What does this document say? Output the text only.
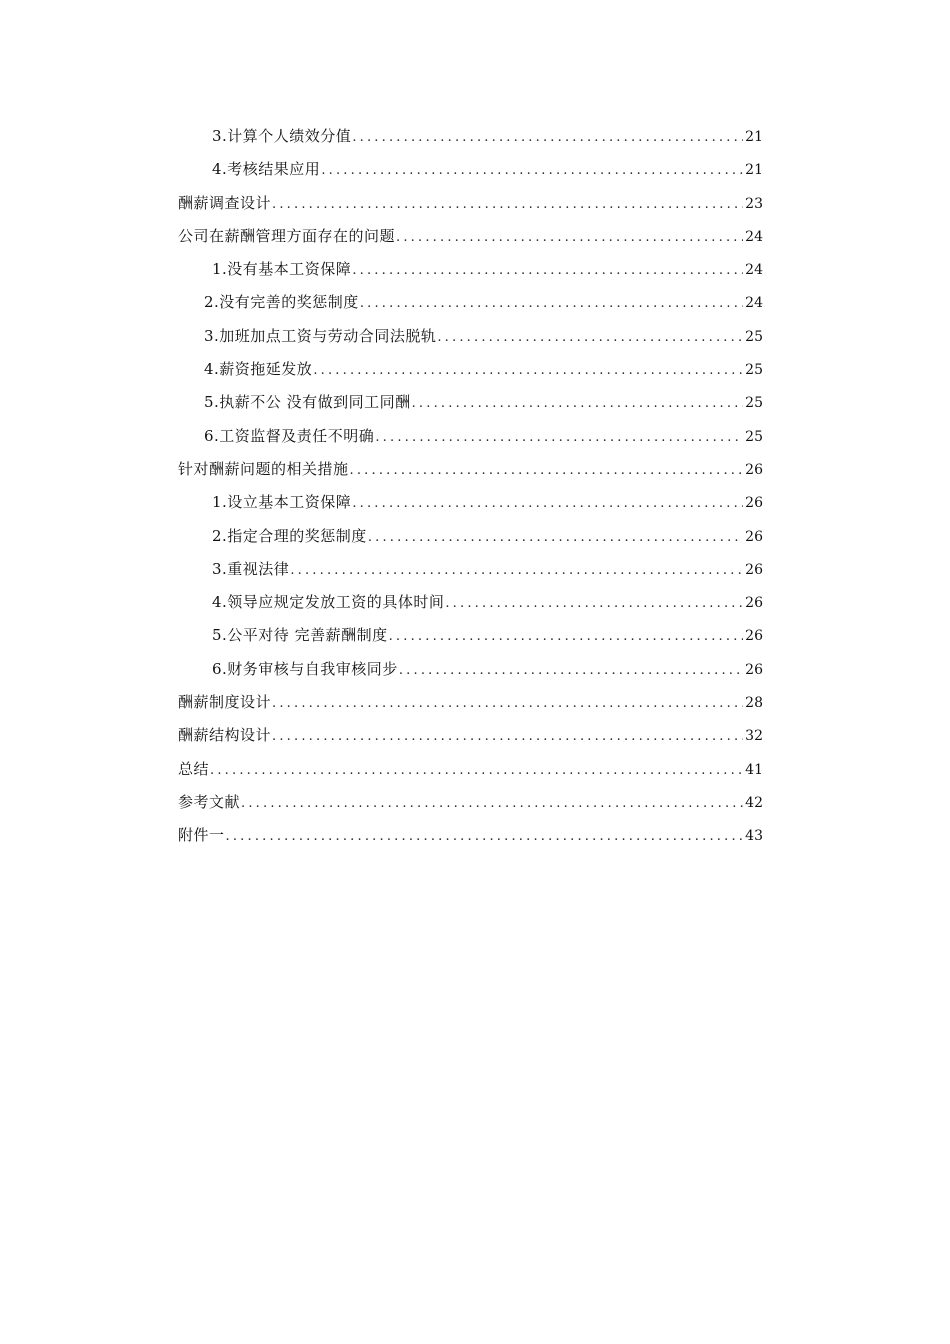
3.计算个人绩效分值 .....	21
4.考核结果应用 .....	21
酬薪调查设计 .....	23
公司在薪酬管理方面存在的问题 .....	24
1.没有基本工资保障 .....	24
2.没有完善的奖惩制度 .....	24
3.加班加点工资与劳动合同法脱轨 .....	25
4.薪资拖延发放 .....	25
5.执薪不公 没有做到同工同酬 .....	25
6.工资监督及责任不明确 .....	25
针对酬薪问题的相关措施 .....	26
1.设立基本工资保障 .....	26
2.指定合理的奖惩制度 .....	26
3.重视法律 .....	26
4.领导应规定发放工资的具体时间 .....	26
5.公平对待 完善薪酬制度 .....	26
6.财务审核与自我审核同步 .....	26
酬薪制度设计 .....	28
酬薪结构设计 .....	32
总结 .....	41
参考文献 .....	42
附件一 .....	43
